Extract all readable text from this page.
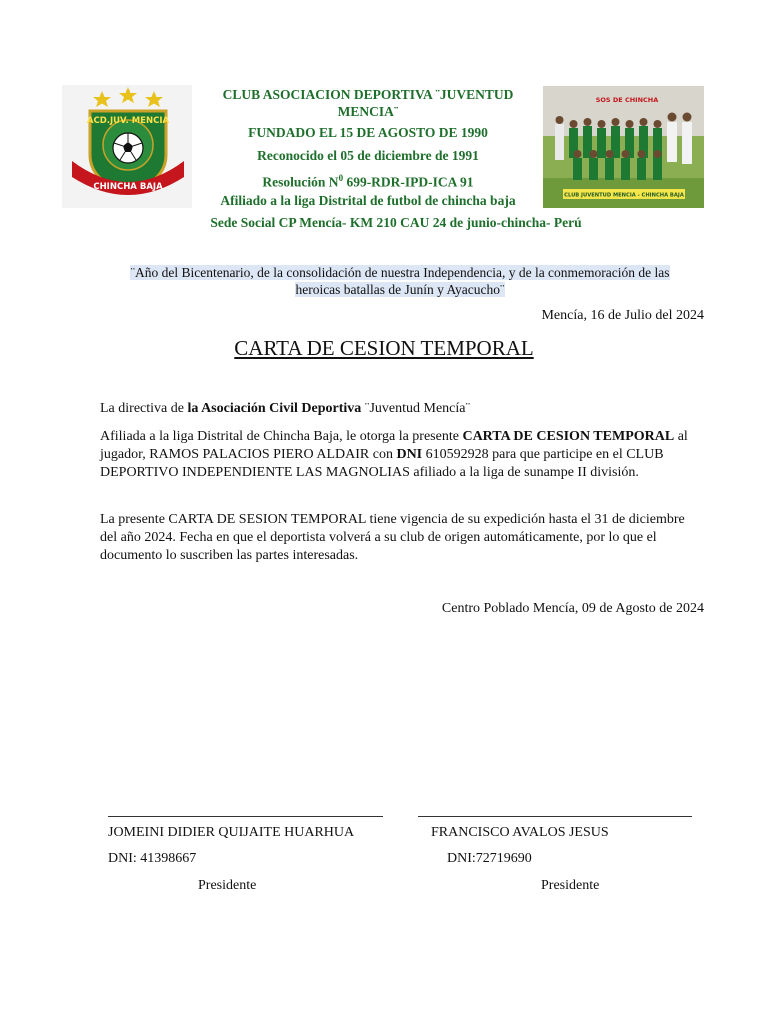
ACD.JUV. MENCIA
CHINCHA BAJA
SOS DE CHINCHA
CLUB JUVENTUD MENCIA - CHINCHA BAJA
CLUB ASOCIACION DEPORTIVA ¨JUVENTUD MENCIA¨
FUNDADO EL 15 DE AGOSTO DE 1990
Reconocido el 05 de diciembre de 1991
Resolución $N^0$ 699-RDR-IPD-ICA 91
Afiliado a la liga Distrital de futbol de chincha baja
Sede Social CP Mencía- KM 210 CAU 24 de junio-chincha- Perú
¨Año del Bicentenario, de la consolidación de nuestra Independencia, y de la conmemoración de las heroicas batallas de Junín y Ayacucho¨
Mencía, 16 de Julio del 2024
CARTA DE CESION TEMPORAL
La directiva de la Asociación Civil Deportiva ¨Juventud Mencía¨
Afiliada a la liga Distrital de Chincha Baja, le otorga la presente CARTA DE CESION TEMPORAL al jugador, RAMOS PALACIOS PIERO ALDAIR con DNI 610592928 para que participe en el CLUB DEPORTIVO INDEPENDIENTE LAS MAGNOLIAS afiliado a la liga de sunampe II división.
La presente CARTA DE SESION TEMPORAL tiene vigencia de su expedición hasta el 31 de diciembre del año 2024. Fecha en que el deportista volverá a su club de origen automáticamente, por lo que el documento lo suscriben las partes interesadas.
Centro Poblado Mencía, 09 de Agosto de 2024
JOMEINI DIDIER QUIJAITE HUARHUA
DNI: 41398667
Presidente
FRANCISCO AVALOS JESUS
DNI:72719690
Presidente
